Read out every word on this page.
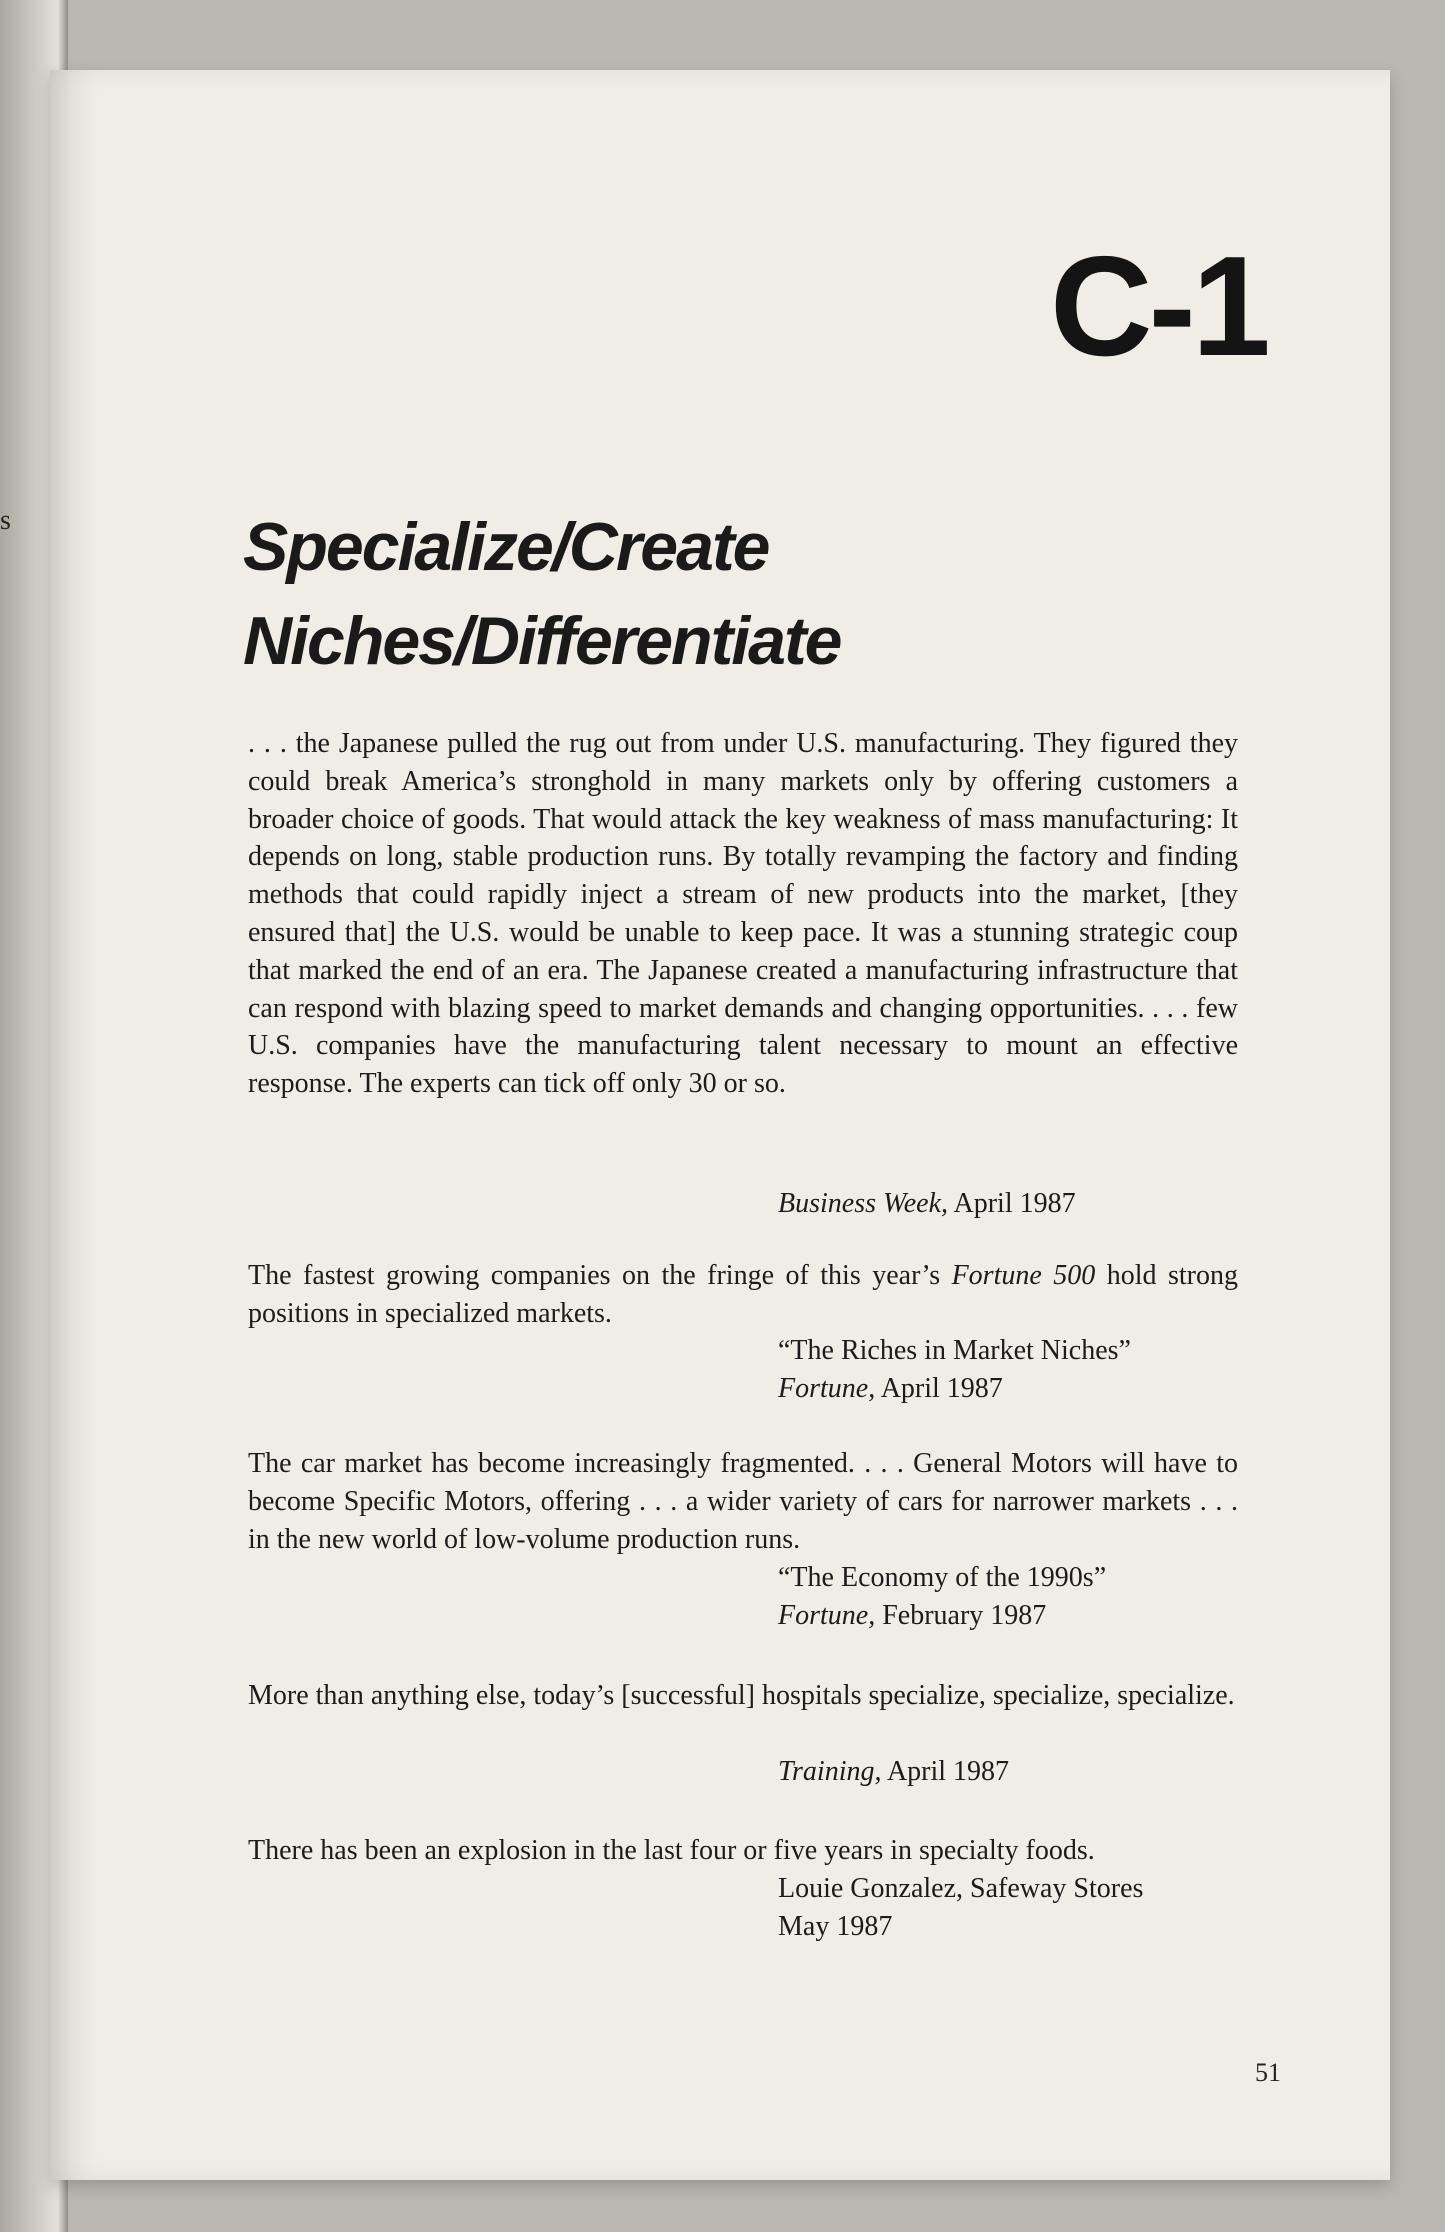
s
C-1
Specialize/Create
Niches/Differentiate

. . . the Japanese pulled the rug out from under U.S. manufacturing. They figured they could break America’s stronghold in many markets only by offering customers a broader choice of goods. That would attack the key weakness of mass manufacturing: It depends on long, stable production runs. By totally revamping the factory and finding methods that could rapidly inject a stream of new products into the market, [they ensured that] the U.S. would be unable to keep pace. It was a stunning strategic coup that marked the end of an era. The Japanese created a manufacturing infrastructure that can respond with blazing speed to market demands and changing opportunities. . . . few U.S. companies have the manufacturing talent necessary to mount an effective response. The experts can tick off only 30 or so.

Business Week, April 1987

The fastest growing companies on the fringe of this year’s Fortune 500 hold strong positions in specialized markets.

“The Riches in Market Niches”

Fortune, April 1987

The car market has become increasingly fragmented. . . . General Motors will have to become Specific Motors, offering . . . a wider variety of cars for narrower markets . . . in the new world of low-volume production runs.

“The Economy of the 1990s”

Fortune, February 1987

More than anything else, today’s [successful] hospitals specialize, specialize, specialize.

Training, April 1987

There has been an explosion in the last four or five years in specialty foods.

Louie Gonzalez, Safeway Stores

May 1987

51
